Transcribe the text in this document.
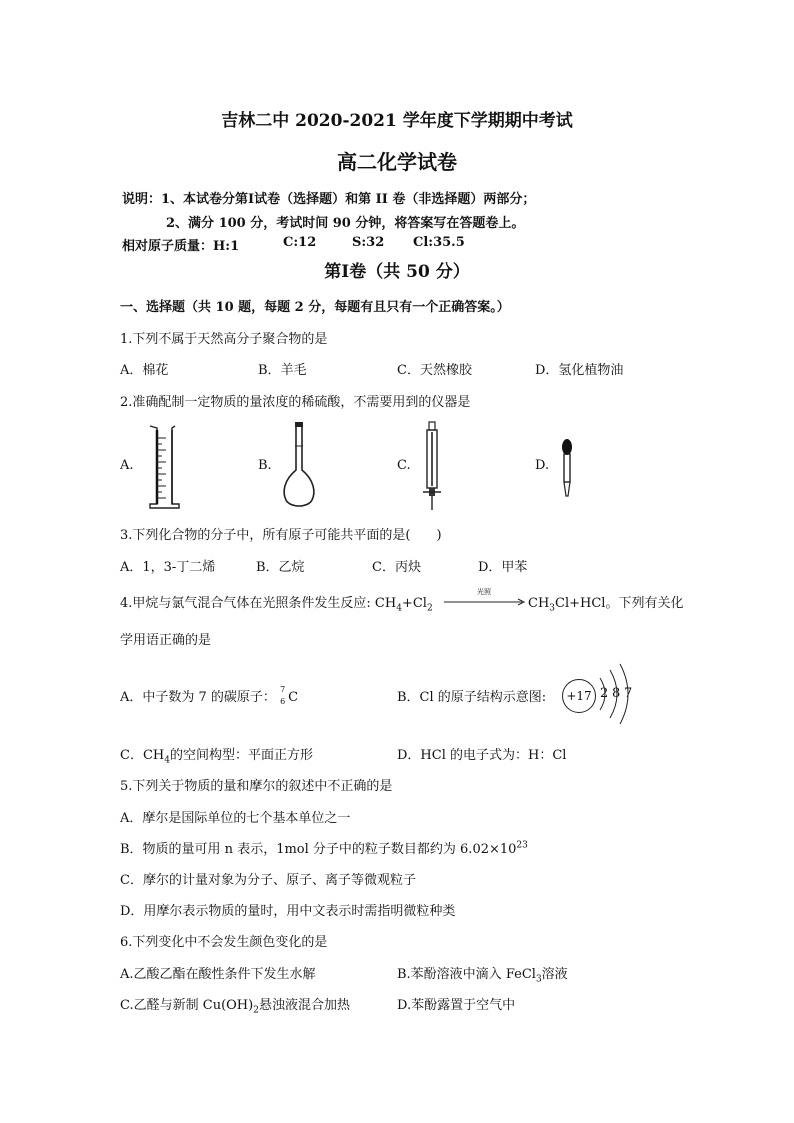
吉林二中 2020-2021 学年度下学期期中考试
高二化学试卷
说明：1、本试卷分第Ⅰ试卷（选择题）和第 II 卷（非选择题）两部分；
2、满分 100 分，考试时间 90 分钟，将答案写在答题卷上。
相对原子质量：H:1	C:12	S:32 Cl:35.5
第Ⅰ卷（共 50 分）
一、选择题（共 10 题，每题 2 分，每题有且只有一个正确答案。）
1.下列不属于天然高分子聚合物的是
A．棉花	B．羊毛	C．天然橡胶	D．氢化植物油
2.准确配制一定物质的量浓度的稀硫酸，不需要用到的仪器是
A.	B.	C.	D.
3.下列化合物的分子中，所有原子可能共平面的是(　　)
A．1，3-丁二烯	B．乙烷	C．丙炔	D．甲苯
4.甲烷与氯气混合气体在光照条件发生反应: $CH_4+Cl_2$
光照
$CH_3Cl+HCl$。下列有关化
学用语正确的是
A．中子数为 7 的碳原子：
7
6 C	B．Cl 的原子结构示意图:	+17 2 8 7
C．$CH_4$的空间构型：平面正方形	D．HCl 的电子式为：H：Cl
5.下列关于物质的量和摩尔的叙述中不正确的是
A．摩尔是国际单位的七个基本单位之一
B．物质的量可用 n 表示，1mol 分子中的粒子数目都约为 $6.02\times 10^{23}$
C．摩尔的计量对象为分子、原子、离子等微观粒子
D．用摩尔表示物质的量时，用中文表示时需指明微粒种类
6.下列变化中不会发生颜色变化的是
A.乙酸乙酯在酸性条件下发生水解	B.苯酚溶液中滴入 FeCl$_3$溶液
C.乙醛与新制 $Cu(OH)_2$悬浊液混合加热	D.苯酚露置于空气中
